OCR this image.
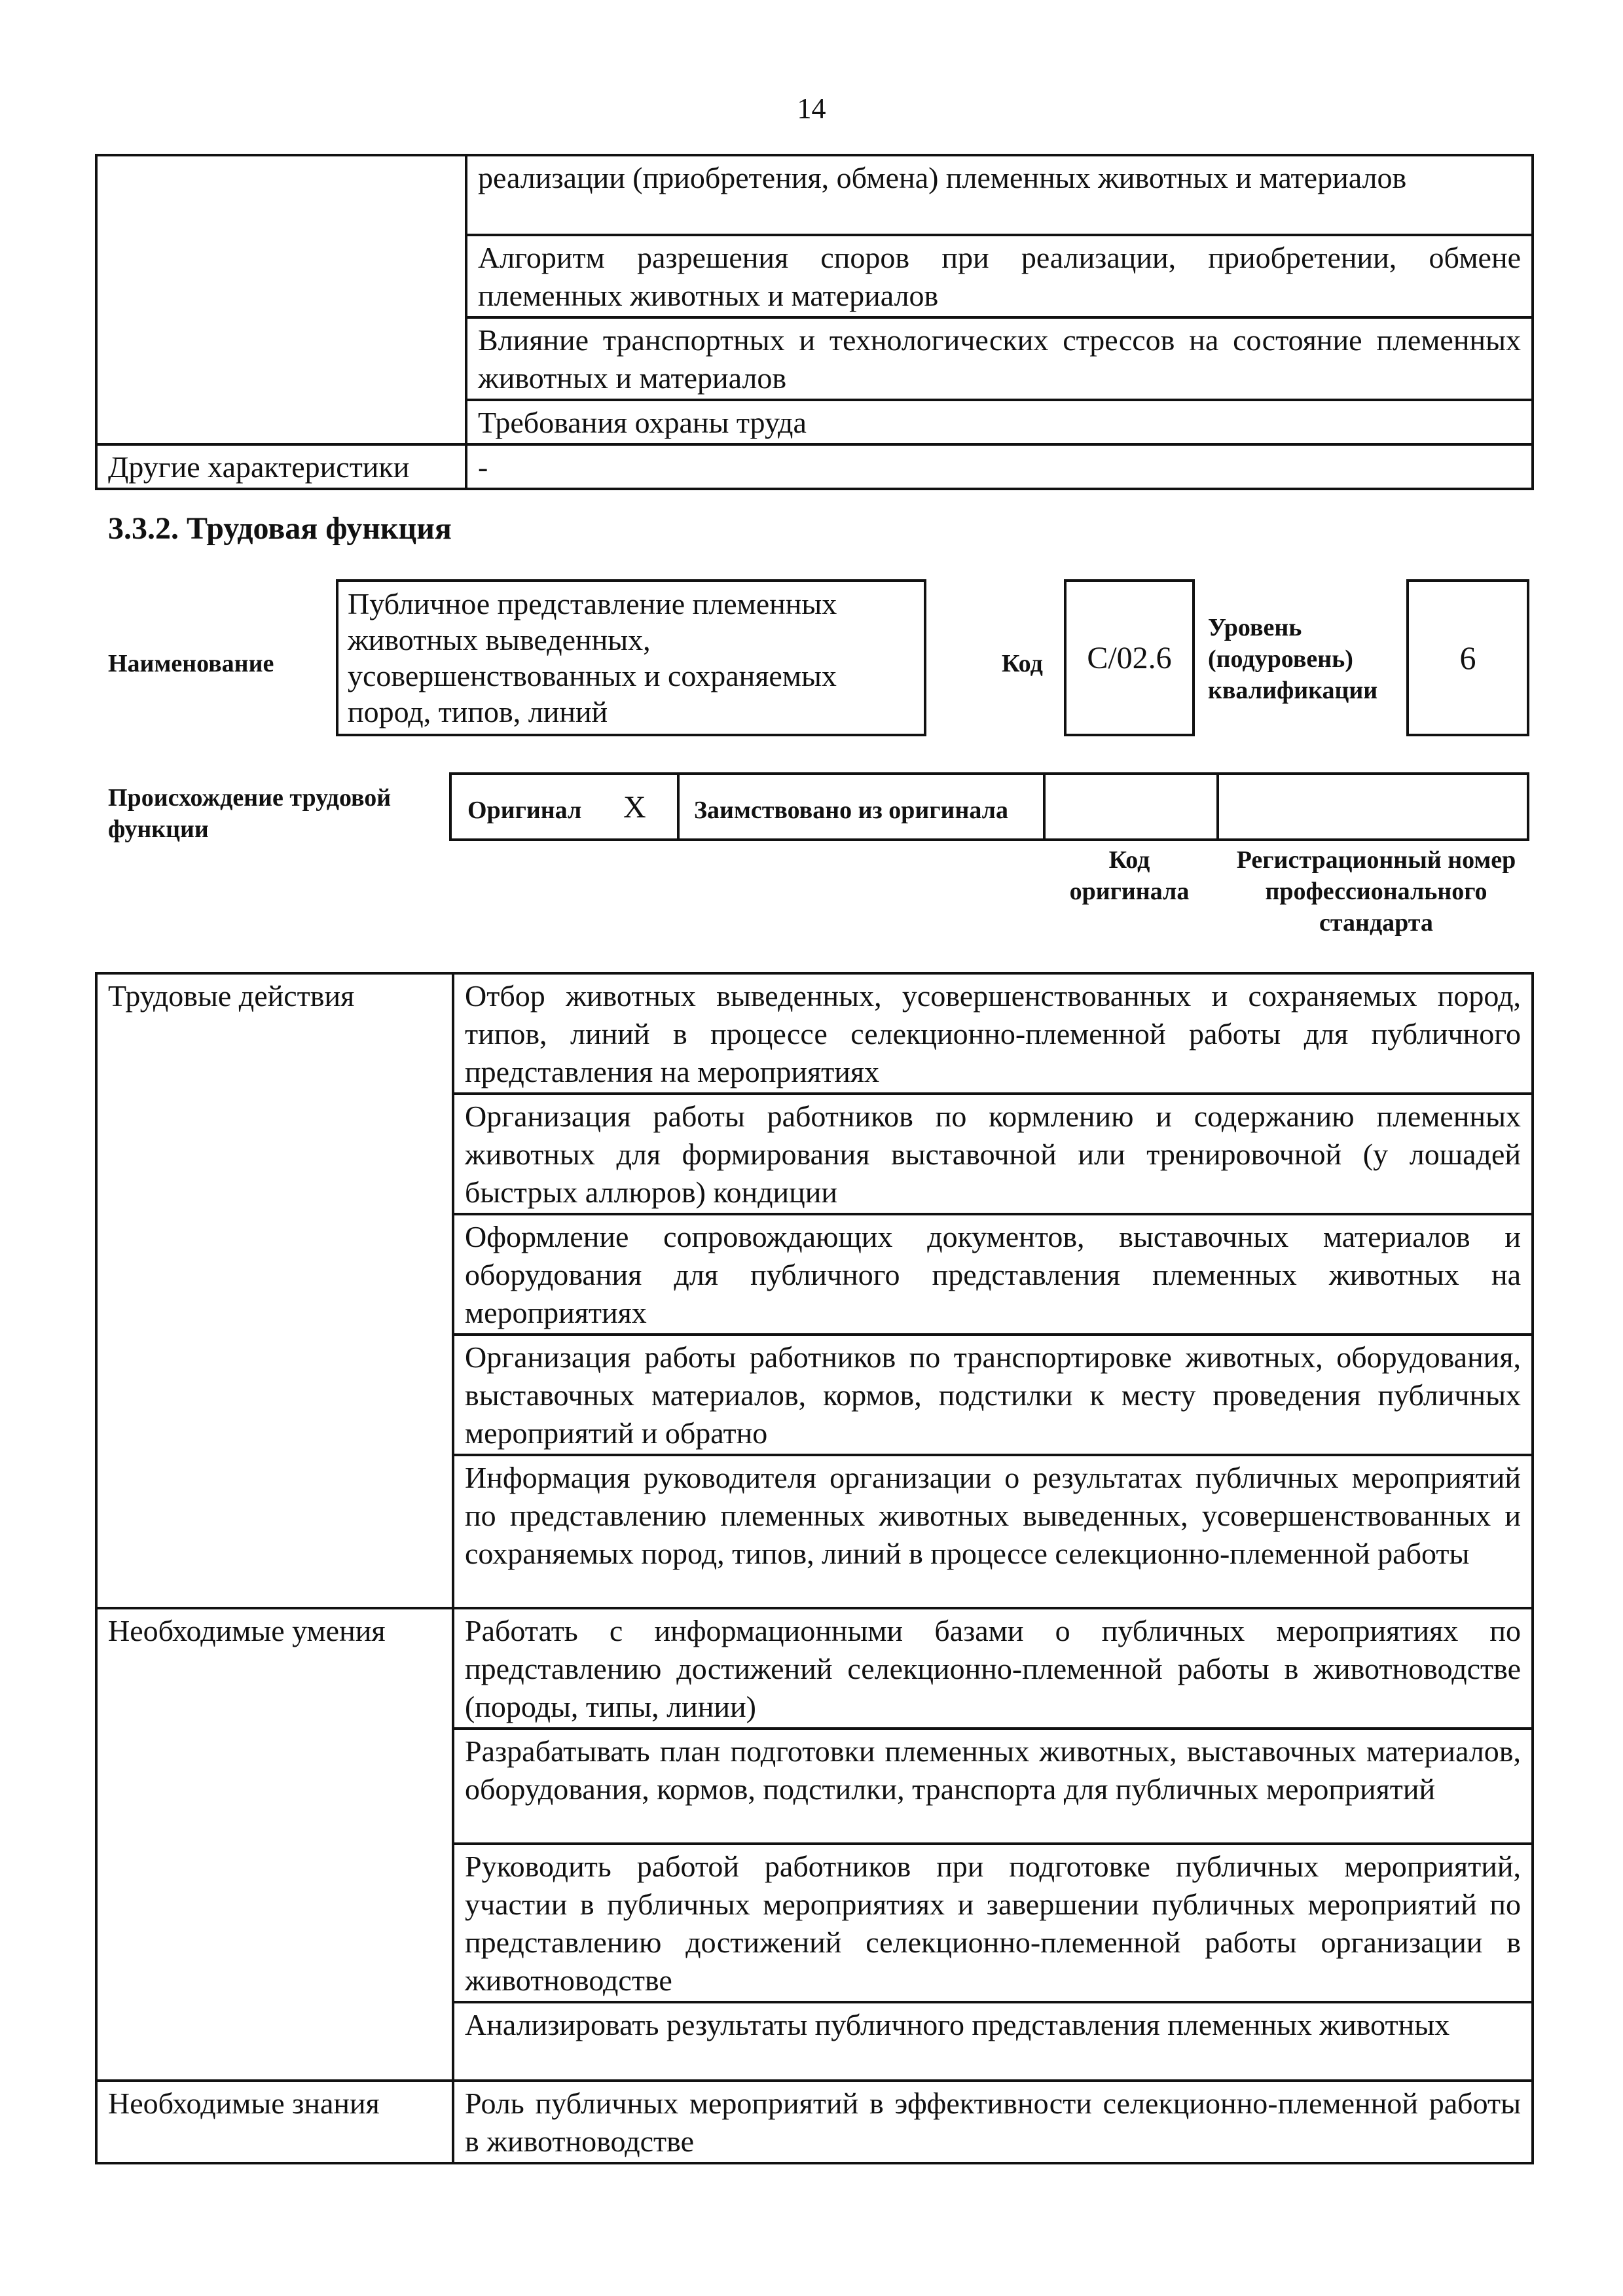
14
	реализации (приобретения, обмена) племенных животных и материалов
	Алгоритм разрешения споров при реализации, приобретении, обмене племенных животных и материалов
	Влияние транспортных и технологических стрессов на состояние племенных животных и материалов
	Требования охраны труда
Другие характеристики	-
3.3.2. Трудовая функция
Наименование
Публичное представление племенных животных выведенных, усовершенствованных и сохраняемых пород, типов, линий
Код C/02.6
Уровень (подуровень) квалификации
6
Происхождение трудовой функции
Оригинал X Заимствовано из оригинала
Код оригинала
Регистрационный номер профессионального стандарта
Трудовые действия	Отбор животных выведенных, усовершенствованных и сохраняемых пород, типов, линий в процессе селекционно-племенной работы для публичного представления на мероприятиях
	Организация работы работников по кормлению и содержанию племенных животных для формирования выставочной или тренировочной (у лошадей быстрых аллюров) кондиции
	Оформление сопровождающих документов, выставочных материалов и оборудования для публичного представления племенных животных на мероприятиях
	Организация работы работников по транспортировке животных, оборудования, выставочных материалов, кормов, подстилки к месту проведения публичных мероприятий и обратно
	Информация руководителя организации о результатах публичных мероприятий по представлению племенных животных выведенных, усовершенствованных и сохраняемых пород, типов, линий в процессе селекционно-племенной работы
Необходимые умения	Работать с информационными базами о публичных мероприятиях по представлению достижений селекционно-племенной работы в животноводстве (породы, типы, линии)
	Разрабатывать план подготовки племенных животных, выставочных материалов, оборудования, кормов, подстилки, транспорта для публичных мероприятий
	Руководить работой работников при подготовке публичных мероприятий, участии в публичных мероприятиях и завершении публичных мероприятий по представлению достижений селекционно-племенной работы организации в животноводстве
	Анализировать результаты публичного представления племенных животных
Необходимые знания	Роль публичных мероприятий в эффективности селекционно-племенной работы в животноводстве
